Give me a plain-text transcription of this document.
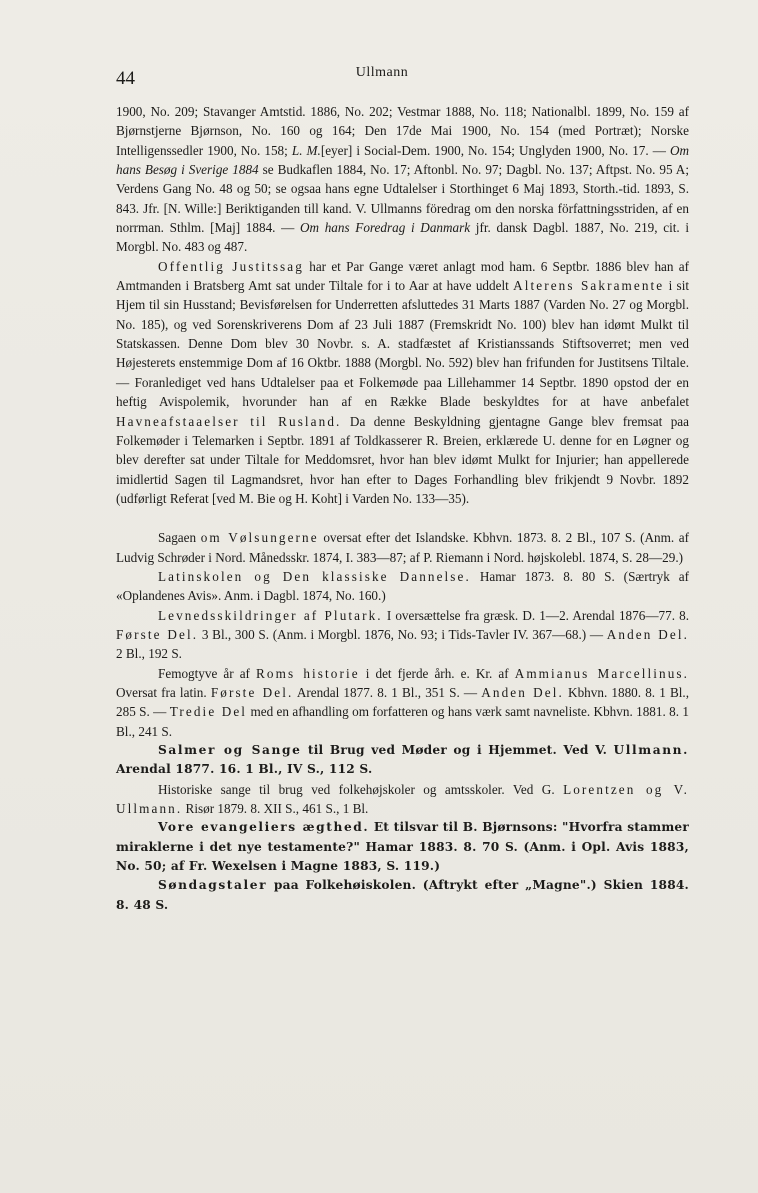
44	Ullmann

1900, No. 209; Stavanger Amtstid. 1886, No. 202; Vestmar 1888, No. 118; Nationalbl. 1899, No. 159 af Bjørnstjerne Bjørnson, No. 160 og 164; Den 17de Mai 1900, No. 154 (med Portræt); Norske Intelligenssedler 1900, No. 158; L. M.[eyer] i Social-Dem. 1900, No. 154; Unglyden 1900, No. 17. — Om hans Besøg i Sverige 1884 se Budkaflen 1884, No. 17; Aftonbl. No. 97; Dagbl. No. 137; Aftpst. No. 95 A; Verdens Gang No. 48 og 50; se ogsaa hans egne Udtalelser i Storthinget 6 Maj 1893, Storth.-tid. 1893, S. 843. Jfr. [N. Wille:] Beriktiganden till kand. V. Ullmanns föredrag om den norska författningsstriden, af en norrman. Sthlm. [Maj] 1884. — Om hans Foredrag i Danmark jfr. dansk Dagbl. 1887, No. 219, cit. i Morgbl. No. 483 og 487.

Offentlig Justitssag har et Par Gange været anlagt mod ham. 6 Septbr. 1886 blev han af Amtmanden i Bratsberg Amt sat under Tiltale for i to Aar at have uddelt Alterens Sakramente i sit Hjem til sin Husstand; Bevisførelsen for Underretten afsluttedes 31 Marts 1887 (Varden No. 27 og Morgbl. No. 185), og ved Sorenskriverens Dom af 23 Juli 1887 (Fremskridt No. 100) blev han idømt Mulkt til Statskassen. Denne Dom blev 30 Novbr. s. A. stadfæstet af Kristianssands Stiftsoverret; men ved Højesterets enstemmige Dom af 16 Oktbr. 1888 (Morgbl. No. 592) blev han frifunden for Justitsens Tiltale. — Foranlediget ved hans Udtalelser paa et Folkemøde paa Lillehammer 14 Septbr. 1890 opstod der en heftig Avispolemik, hvorunder han af en Række Blade beskyldtes for at have anbefalet Havneafstaaelser til Rusland. Da denne Beskyldning gjentagne Gange blev fremsat paa Folkemøder i Telemarken i Septbr. 1891 af Toldkasserer R. Breien, erklærede U. denne for en Løgner og blev derefter sat under Tiltale for Meddomsret, hvor han blev idømt Mulkt for Injurier; han appellerede imidlertid Sagen til Lagmandsret, hvor han efter to Dages Forhandling blev frikjendt 9 Novbr. 1892 (udførligt Referat [ved M. Bie og H. Koht] i Varden No. 133—35).

Sagaen om Vølsungerne oversat efter det Islandske. Kbhvn. 1873. 8. 2 Bl., 107 S. (Anm. af Ludvig Schrøder i Nord. Månedsskr. 1874, I. 383—87; af P. Riemann i Nord. højskolebl. 1874, S. 28—29.)

Latinskolen og Den klassiske Dannelse. Hamar 1873. 8. 80 S. (Særtryk af «Oplandenes Avis». Anm. i Dagbl. 1874, No. 160.)

Levnedsskildringer af Plutark. I oversættelse fra græsk. D. 1—2. Arendal 1876—77. 8. Første Del. 3 Bl., 300 S. (Anm. i Morgbl. 1876, No. 93; i Tids-Tavler IV. 367—68.) — Anden Del. 2 Bl., 192 S.

Femogtyve år af Roms historie i det fjerde årh. e. Kr. af Ammianus Marcellinus. Oversat fra latin. Første Del. Arendal 1877. 8. 1 Bl., 351 S. — Anden Del. Kbhvn. 1880. 8. 1 Bl., 285 S. — Tredie Del med en afhandling om forfatteren og hans værk samt navneliste. Kbhvn. 1881. 8. 1 Bl., 241 S.

Salmer og Sange til Brug ved Møder og i Hjemmet. Ved V. Ullmann. Arendal 1877. 16. 1 Bl., IV S., 112 S.

Historiske sange til brug ved folkehøjskoler og amtsskoler. Ved G. Lorentzen og V. Ullmann. Risør 1879. 8. XII S., 461 S., 1 Bl.

Vore evangeliers ægthed. Et tilsvar til B. Bjørnsons: "Hvorfra stammer miraklerne i det nye testamente?" Hamar 1883. 8. 70 S. (Anm. i Opl. Avis 1883, No. 50; af Fr. Wexelsen i Magne 1883, S. 119.)

Søndagstaler paa Folkehøiskolen. (Aftrykt efter „Magne".) Skien 1884. 8. 48 S.
